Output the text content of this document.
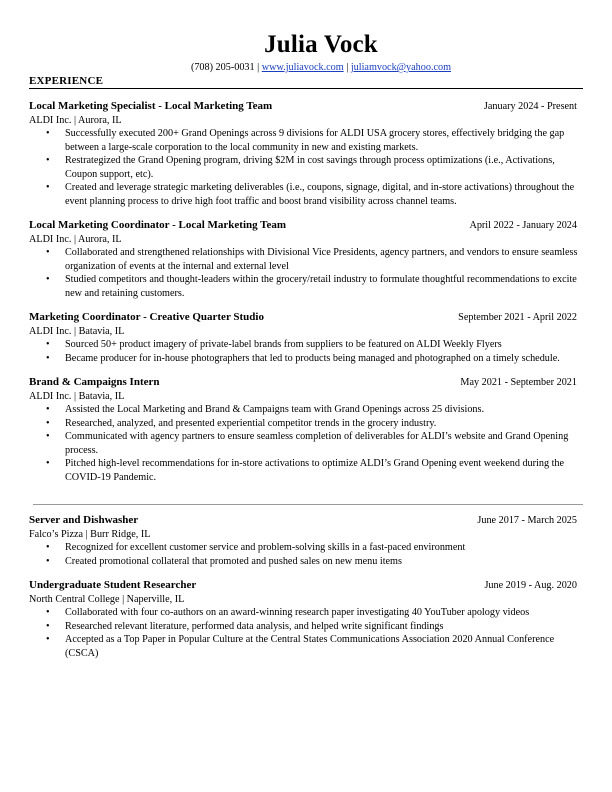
Julia Vock
(708) 205-0031 | www.juliavock.com | juliamvock@yahoo.com
EXPERIENCE
Local Marketing Specialist - Local Marketing Team	January 2024 - Present
ALDI Inc. | Aurora, IL
• Successfully executed 200+ Grand Openings across 9 divisions for ALDI USA grocery stores, effectively bridging the gap between a large-scale corporation to the local community in new and existing markets.
• Restrategized the Grand Opening program, driving $2M in cost savings through process optimizations (i.e., Activations, Coupon support, etc).
• Created and leverage strategic marketing deliverables (i.e., coupons, signage, digital, and in-store activations) throughout the event planning process to drive high foot traffic and boost brand visibility across channel teams.
Local Marketing Coordinator - Local Marketing Team	April 2022 - January 2024
ALDI Inc. | Aurora, IL
• Collaborated and strengthened relationships with Divisional Vice Presidents, agency partners, and vendors to ensure seamless organization of events at the internal and external level
• Studied competitors and thought-leaders within the grocery/retail industry to formulate thoughtful recommendations to excite new and retaining customers.
Marketing Coordinator - Creative Quarter Studio	September 2021 - April 2022
ALDI Inc. | Batavia, IL
• Sourced 50+ product imagery of private-label brands from suppliers to be featured on ALDI Weekly Flyers
• Became producer for in-house photographers that led to products being managed and photographed on a timely schedule.
Brand & Campaigns Intern	May 2021 - September 2021
ALDI Inc. | Batavia, IL
• Assisted the Local Marketing and Brand & Campaigns team with Grand Openings across 25 divisions.
• Researched, analyzed, and presented experiential competitor trends in the grocery industry.
• Communicated with agency partners to ensure seamless completion of deliverables for ALDI’s website and Grand Opening process.
• Pitched high-level recommendations for in-store activations to optimize ALDI’s Grand Opening event weekend during the COVID-19 Pandemic.
Server and Dishwasher	June 2017 - March 2025
Falco’s Pizza | Burr Ridge, IL
• Recognized for excellent customer service and problem-solving skills in a fast-paced environment
• Created promotional collateral that promoted and pushed sales on new menu items
Undergraduate Student Researcher	June 2019 - Aug. 2020
North Central College | Naperville, IL
• Collaborated with four co-authors on an award-winning research paper investigating 40 YouTuber apology videos
• Researched relevant literature, performed data analysis, and helped write significant findings
• Accepted as a Top Paper in Popular Culture at the Central States Communications Association 2020 Annual Conference (CSCA)
